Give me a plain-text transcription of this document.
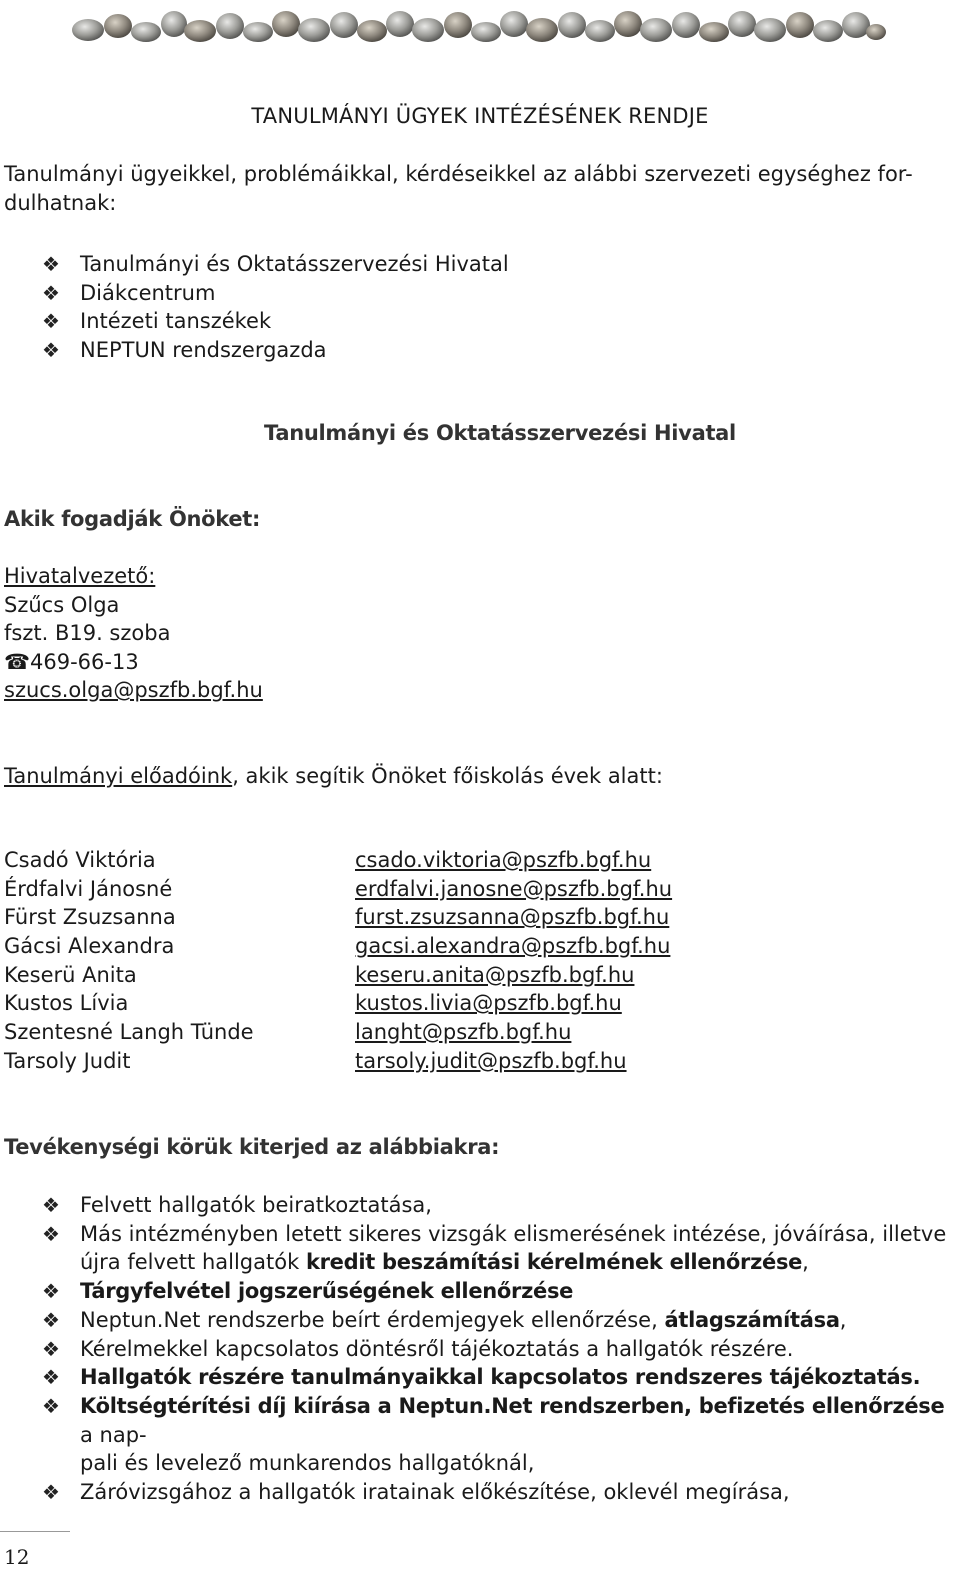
TANULMÁNYI ÜGYEK INTÉZÉSÉNEK RENDJE
Tanulmányi ügyeikkel, problémáikkal, kérdéseikkel az alábbi szervezeti egységhez for-dulhatnak:
❖ Tanulmányi és Oktatásszervezési Hivatal
❖ Diákcentrum
❖ Intézeti tanszékek
❖ NEPTUN rendszergazda
Tanulmányi és Oktatásszervezési Hivatal
Akik fogadják Önöket:
Hivatalvezető:
Szűcs Olga
fszt. B19. szoba
☎469-66-13
szucs.olga@pszfb.bgf.hu
Tanulmányi előadóink, akik segítik Önöket főiskolás évek alatt:
Csadó Viktória
Érdfalvi Jánosné
Fürst Zsuzsanna
Gácsi Alexandra
Keserü Anita
Kustos Lívia
Szentesné Langh Tünde
Tarsoly Judit
csado.viktoria@pszfb.bgf.hu
erdfalvi.janosne@pszfb.bgf.hu
furst.zsuzsanna@pszfb.bgf.hu
gacsi.alexandra@pszfb.bgf.hu
keseru.anita@pszfb.bgf.hu
kustos.livia@pszfb.bgf.hu
langht@pszfb.bgf.hu
tarsoly.judit@pszfb.bgf.hu
Tevékenységi körük kiterjed az alábbiakra:
❖ Felvett hallgatók beiratkoztatása,
❖ Más intézményben letett sikeres vizsgák elismerésének intézése, jóváírása, illetve
újra felvett hallgatók kredit beszámítási kérelmének ellenőrzése,
❖ Tárgyfelvétel jogszerűségének ellenőrzése
❖ Neptun.Net rendszerbe beírt érdemjegyek ellenőrzése, átlagszámítása,
❖ Kérelmekkel kapcsolatos döntésről tájékoztatás a hallgatók részére.
❖ Hallgatók részére tanulmányaikkal kapcsolatos rendszeres tájékoztatás.
❖ Költségtérítési díj kiírása a Neptun.Net rendszerben, befizetés ellenőrzése a nap-
pali és levelező munkarendos hallgatóknál,
❖ Záróvizsgához a hallgatók iratainak előkészítése, oklevél megírása,
12
